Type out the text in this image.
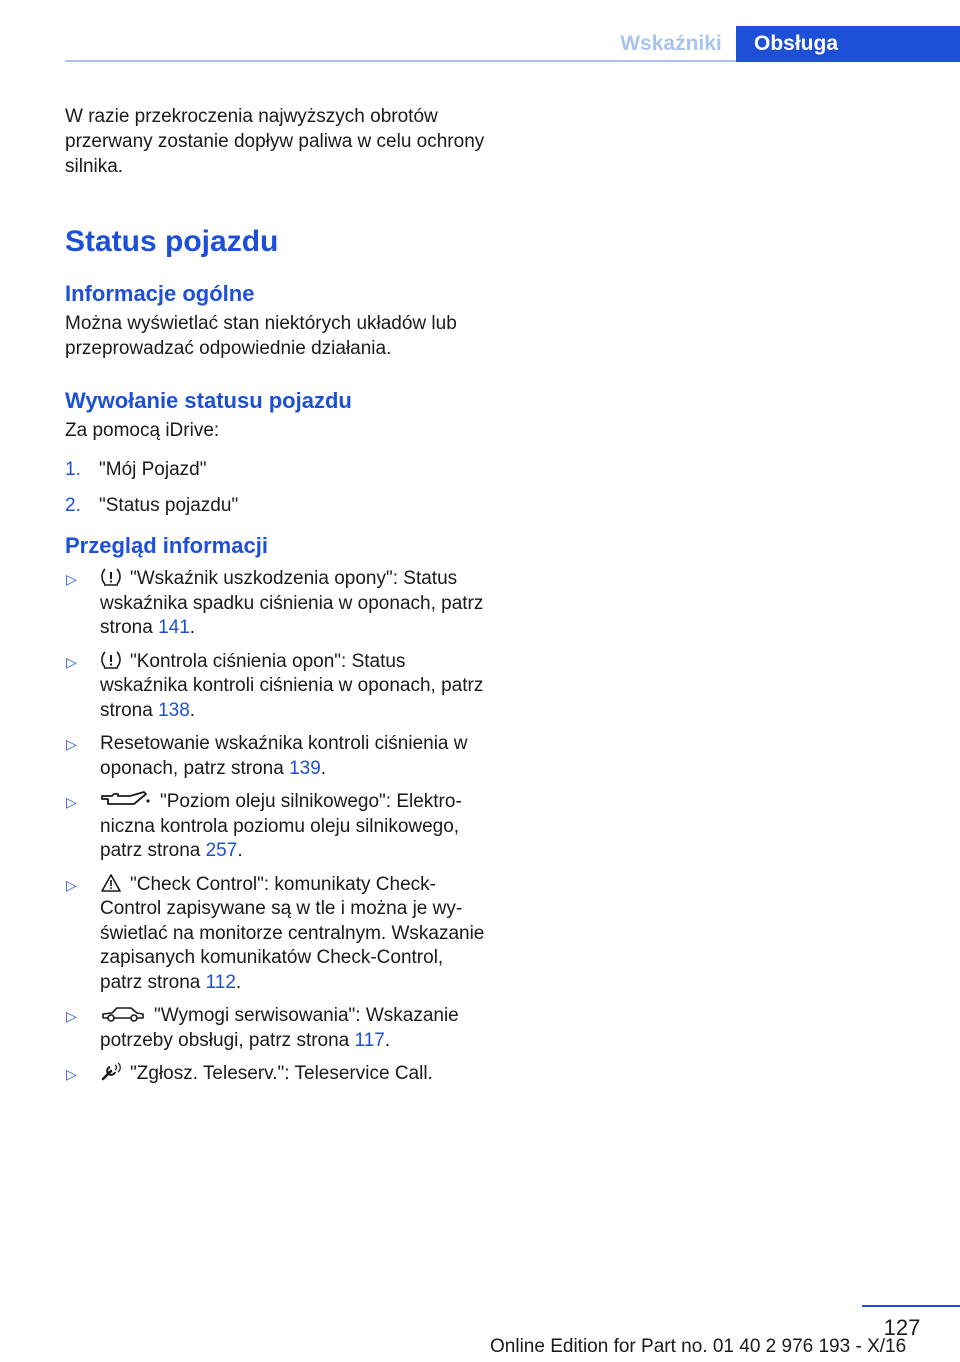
Wskaźniki	Obsługa

W razie przekroczenia najwyższych obrotów przerwany zostanie dopływ paliwa w celu ochrony silnika.

Status pojazdu
Informacje ogólne

Można wyświetlać stan niektórych układów lub przeprowadzać odpowiednie działania.

Wywołanie statusu pojazdu

Za pomocą iDrive:

1. "Mój Pojazd"
2. "Status pojazdu"
Przegląd informacji
▷	"Wskaźnik uszkodzenia opony": Status wskaźnika spadku ciśnienia w oponach, patrz strona 141.
▷	"Kontrola ciśnienia opon": Status wskaźnika kontroli ciśnienia w oponach, patrz strona 138.
▷	Resetowanie wskaźnika kontroli ciśnienia w oponach, patrz strona 139.
▷	"Poziom oleju silnikowego": Elektroniczna kontrola poziomu oleju silnikowego, patrz strona 257.
▷	"Check Control": komunikaty Check-Control zapisywane są w tle i można je wyświetlać na monitorze centralnym. Wskazanie zapisanych komunikatów Check-Control, patrz strona 112.
▷	"Wymogi serwisowania": Wskazanie potrzeby obsługi, patrz strona 117.
▷	"Zgłosz. Teleserv.": Teleservice Call.
127
Online Edition for Part no. 01 40 2 976 193 - X/16
